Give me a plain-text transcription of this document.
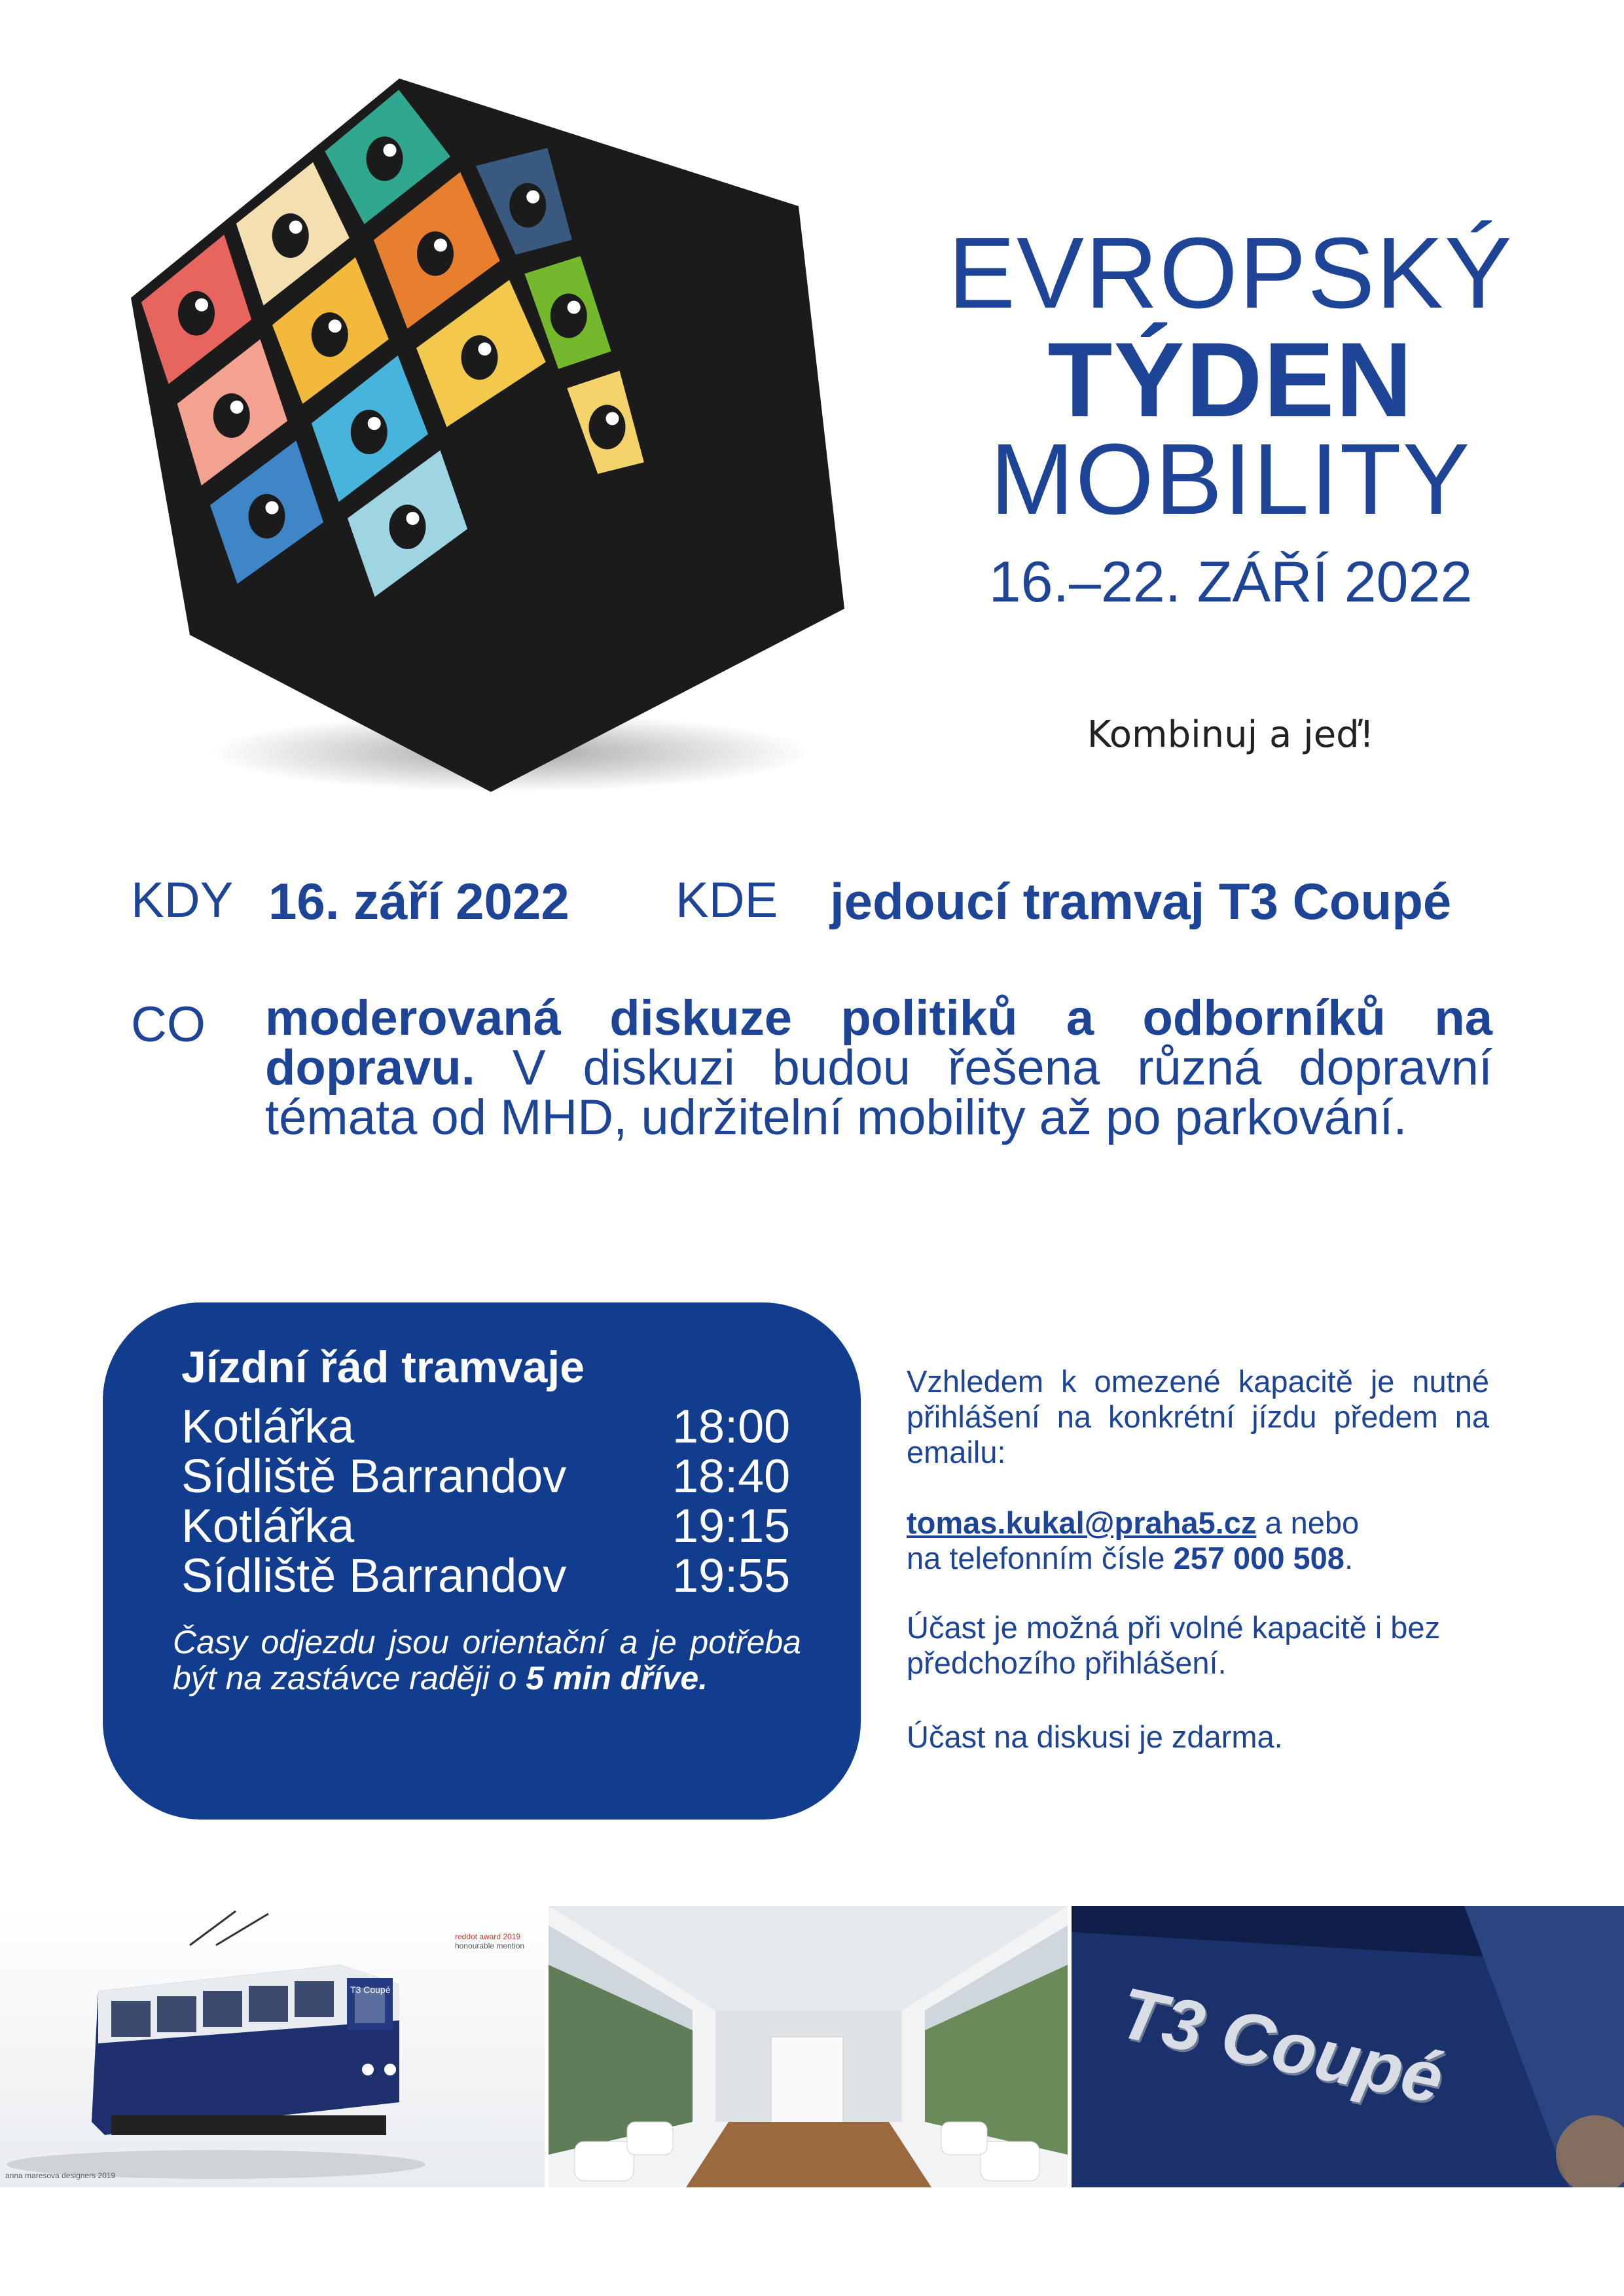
EVROPSKÝ
TÝDEN
MOBILITY
16.–22. ZÁŘÍ 2022
Kombinuj a jeď!
KDY 16. září 2022 KDE jedoucí tramvaj T3 Coupé
CO moderovaná diskuze politiků a odborníků na dopravu. V diskuzi budou řešena různá dopravní témata od MHD, udržitelní mobility až po parkování.
Jízdní řád tramvaje
Kotlářka	18:00
Sídliště Barrandov 18:40
Kotlářka	19:15
Sídliště Barrandov 19:55
Časy odjezdu jsou orientační a je potřeba být na zastávce raději o 5 min dříve.
Vzhledem k omezené kapacitě je nutné přihlášení na konkrétní jízdu předem na emailu:
tomas.kukal@praha5.cz a nebo
na telefonním čísle 257 000 508.
Účast je možná při volné kapacitě i bez předchozího přihlášení.
Účast na diskusi je zdarma.
reddot award 2019
honourable mention
T3 Coupé
anna maresova designers 2019
T3 Coupé
